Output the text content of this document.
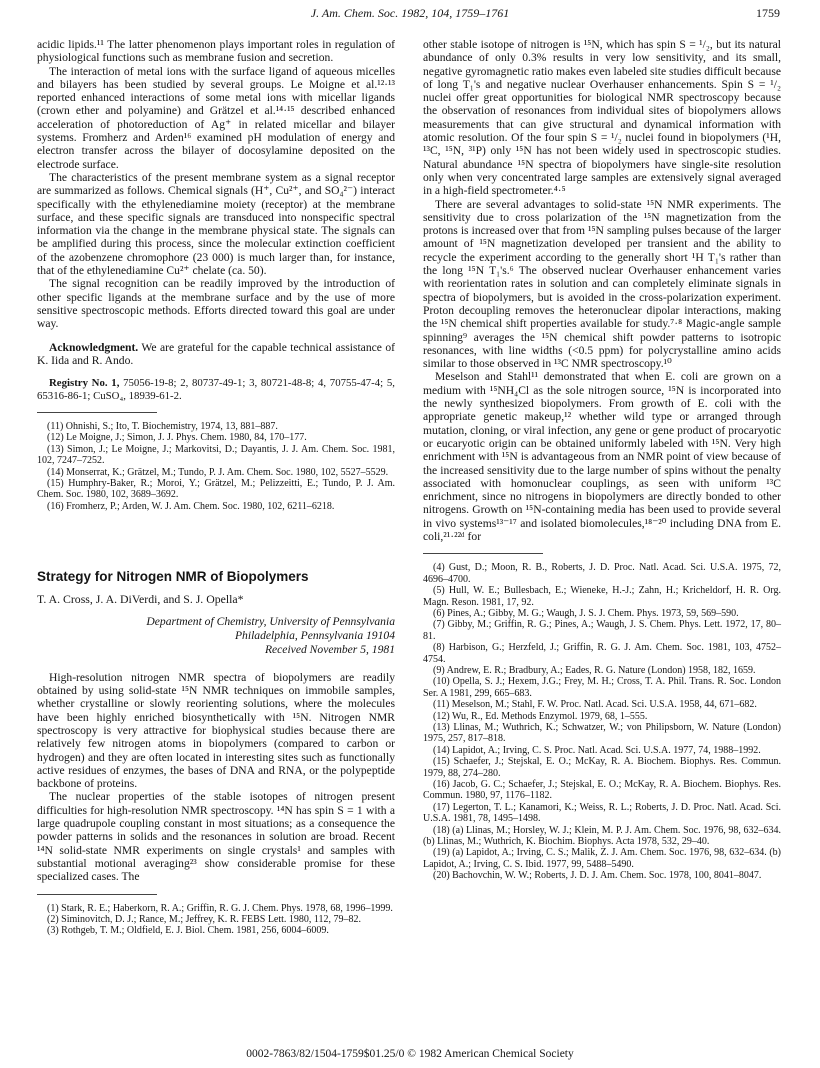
J. Am. Chem. Soc. 1982, 104, 1759–1761	1759

acidic lipids.¹¹ The latter phenomenon plays important roles in regulation of physiological functions such as membrane fusion and secretion.

The interaction of metal ions with the surface ligand of aqueous micelles and bilayers has been studied by several groups. Le Moigne et al.¹²·¹³ reported enhanced interactions of some metal ions with micellar ligands (crown ether and polyamine) and Grätzel et al.¹⁴·¹⁵ described enhanced acceleration of photoreduction of Ag⁺ in related micellar and bilayer systems. Fromherz and Arden¹⁶ examined pH modulation of energy and electron transfer across the bilayer of docosylamine deposited on the electrode surface.

The characteristics of the present membrane system as a signal receptor are summarized as follows. Chemical signals (H⁺, Cu²⁺, and SO₄²⁻) interact specifically with the ethylenediamine moiety (receptor) at the membrane surface, and these specific signals are transduced into nonspecific spectral information via the change in the membrane physical state. The signals can be amplified during this process, since the molecular extinction coefficient of the azobenzene chromophore (23 000) is much larger than, for instance, that of the ethylenediamine Cu²⁺ chelate (ca. 50).

The signal recognition can be readily improved by the introduction of other specific ligands at the membrane surface and by the use of more sensitive spectroscopic methods. Efforts directed toward this goal are under way.

Acknowledgment. We are grateful for the capable technical assistance of K. Iida and R. Ando.

Registry No. 1, 75056-19-8; 2, 80737-49-1; 3, 80721-48-8; 4, 70755-47-4; 5, 65316-86-1; CuSO₄, 18939-61-2.

(11) Ohnishi, S.; Ito, T. Biochemistry, 1974, 13, 881–887.

(12) Le Moigne, J.; Simon, J. J. Phys. Chem. 1980, 84, 170–177.

(13) Simon, J.; Le Moigne, J.; Markovitsi, D.; Dayantis, J. J. Am. Chem. Soc. 1981, 102, 7247–7252.

(14) Monserrat, K.; Grätzel, M.; Tundo, P. J. Am. Chem. Soc. 1980, 102, 5527–5529.

(15) Humphry-Baker, R.; Moroi, Y.; Grätzel, M.; Pelizzeitti, E.; Tundo, P. J. Am. Chem. Soc. 1980, 102, 3689–3692.

(16) Fromherz, P.; Arden, W. J. Am. Chem. Soc. 1980, 102, 6211–6218.

Strategy for Nitrogen NMR of Biopolymers
T. A. Cross, J. A. DiVerdi, and S. J. Opella*
Department of Chemistry, University of Pennsylvania
Philadelphia, Pennsylvania 19104
Received November 5, 1981

High-resolution nitrogen NMR spectra of biopolymers are readily obtained by using solid-state ¹⁵N NMR techniques on immobile samples, whether crystalline or slowly reorienting solutions, where the molecules have been highly enriched biosynthetically with ¹⁵N. Nitrogen NMR spectroscopy is very attractive for biophysical studies because there are relatively few nitrogen atoms in biopolymers (compared to carbon or hydrogen) and they are often located in interesting sites such as functionally active residues of enzymes, the bases of DNA and RNA, or the polypeptide backbone of proteins.

The nuclear properties of the stable isotopes of nitrogen present difficulties for high-resolution NMR spectroscopy. ¹⁴N has spin S = 1 with a large quadrupole coupling constant in most situations; as a consequence the powder patterns in solids and the resonances in solution are broad. Recent ¹⁴N solid-state NMR experiments on single crystals¹ and samples with substantial motional averaging²³ show considerable promise for these specialized cases. The

(1) Stark, R. E.; Haberkorn, R. A.; Griffin, R. G. J. Chem. Phys. 1978, 68, 1996–1999.

(2) Siminovitch, D. J.; Rance, M.; Jeffrey, K. R. FEBS Lett. 1980, 112, 79–82.

(3) Rothgeb, T. M.; Oldfield, E. J. Biol. Chem. 1981, 256, 6004–6009.

other stable isotope of nitrogen is ¹⁵N, which has spin S = ¹/₂, but its natural abundance of only 0.3% results in very low sensitivity, and its small, negative gyromagnetic ratio makes even labeled site studies difficult because of long T₁'s and negative nuclear Overhauser enhancements. Spin S = ¹/₂ nuclei offer great opportunities for biological NMR spectroscopy because the observation of resonances from individual sites of biopolymers allows measurements that can give structural and dynamical information with atomic resolution. Of the four spin S = ¹/₂ nuclei found in biopolymers (¹H, ¹³C, ¹⁵N, ³¹P) only ¹⁵N has not been widely used in spectroscopic studies. Natural abundance ¹⁵N spectra of biopolymers have single-site resolution only when very concentrated large samples are extensively signal averaged in a high-field spectrometer.⁴·⁵

There are several advantages to solid-state ¹⁵N NMR experiments. The sensitivity due to cross polarization of the ¹⁵N magnetization from the protons is increased over that from ¹⁵N sampling pulses because of the larger amount of ¹⁵N magnetization developed per transient and the ability to recycle the experiment according to the generally short ¹H T₁'s rather than the long ¹⁵N T₁'s.⁶ The observed nuclear Overhauser enhancement varies with reorientation rates in solution and can completely eliminate signals in spectra of biopolymers, but is avoided in the cross-polarization experiment. Proton decoupling removes the heteronuclear dipolar interactions, making the ¹⁵N chemical shift properties available for study.⁷·⁸ Magic-angle sample spinning⁹ averages the ¹⁵N chemical shift powder patterns to isotropic resonances, with line widths (<0.5 ppm) for polycrystalline amino acids similar to those observed in ¹³C NMR spectroscopy.¹⁰

Meselson and Stahl¹¹ demonstrated that when E. coli are grown on a medium with ¹⁵NH₄Cl as the sole nitrogen source, ¹⁵N is incorporated into the newly synthesized biopolymers. From growth of E. coli with the appropriate genetic makeup,¹² whether wild type or arranged through mutation, cloning, or viral infection, any gene or gene product of procaryotic or eucaryotic origin can be obtained uniformly labeled with ¹⁵N. Very high enrichment with ¹⁵N is advantageous from an NMR point of view because of the increased sensitivity due to the large number of spins without the penalty associated with homonuclear couplings, as seen with uniform ¹³C enrichment, since no nitrogens in biopolymers are directly bonded to other nitrogens. Growth on ¹⁵N-containing media has been used to provide several in vivo systems¹³⁻¹⁷ and isolated biomolecules,¹⁸⁻²⁰ including DNA from E. coli,²¹·²²ᵈ for

(4) Gust, D.; Moon, R. B., Roberts, J. D. Proc. Natl. Acad. Sci. U.S.A. 1975, 72, 4696–4700.

(5) Hull, W. E.; Bullesbach, E.; Wieneke, H.-J.; Zahn, H.; Kricheldorf, H. R. Org. Magn. Reson. 1981, 17, 92.

(6) Pines, A.; Gibby, M. G.; Waugh, J. S. J. Chem. Phys. 1973, 59, 569–590.

(7) Gibby, M.; Griffin, R. G.; Pines, A.; Waugh, J. S. Chem. Phys. Lett. 1972, 17, 80–81.

(8) Harbison, G.; Herzfeld, J.; Griffin, R. G. J. Am. Chem. Soc. 1981, 103, 4752–4754.

(9) Andrew, E. R.; Bradbury, A.; Eades, R. G. Nature (London) 1958, 182, 1659.

(10) Opella, S. J.; Hexem, J.G.; Frey, M. H.; Cross, T. A. Phil. Trans. R. Soc. London Ser. A 1981, 299, 665–683.

(11) Meselson, M.; Stahl, F. W. Proc. Natl. Acad. Sci. U.S.A. 1958, 44, 671–682.

(12) Wu, R., Ed. Methods Enzymol. 1979, 68, 1–555.

(13) Llinas, M.; Wuthrich, K.; Schwatzer, W.; von Philipsborn, W. Nature (London) 1975, 257, 817–818.

(14) Lapidot, A.; Irving, C. S. Proc. Natl. Acad. Sci. U.S.A. 1977, 74, 1988–1992.

(15) Schaefer, J.; Stejskal, E. O.; McKay, R. A. Biochem. Biophys. Res. Commun. 1979, 88, 274–280.

(16) Jacob, G. C.; Schaefer, J.; Stejskal, E. O.; McKay, R. A. Biochem. Biophys. Res. Commun. 1980, 97, 1176–1182.

(17) Legerton, T. L.; Kanamori, K.; Weiss, R. L.; Roberts, J. D. Proc. Natl. Acad. Sci. U.S.A. 1981, 78, 1495–1498.

(18) (a) Llinas, M.; Horsley, W. J.; Klein, M. P. J. Am. Chem. Soc. 1976, 98, 632–634. (b) Llinas, M.; Wuthrich, K. Biochim. Biophys. Acta 1978, 532, 29–40.

(19) (a) Lapidot, A.; Irving, C. S.; Malik, Z. J. Am. Chem. Soc. 1976, 98, 632–634. (b) Lapidot, A.; Irving, C. S. Ibid. 1977, 99, 5488–5490.

(20) Bachovchin, W. W.; Roberts, J. D. J. Am. Chem. Soc. 1978, 100, 8041–8047.

0002-7863/82/1504-1759$01.25/0 © 1982 American Chemical Society
